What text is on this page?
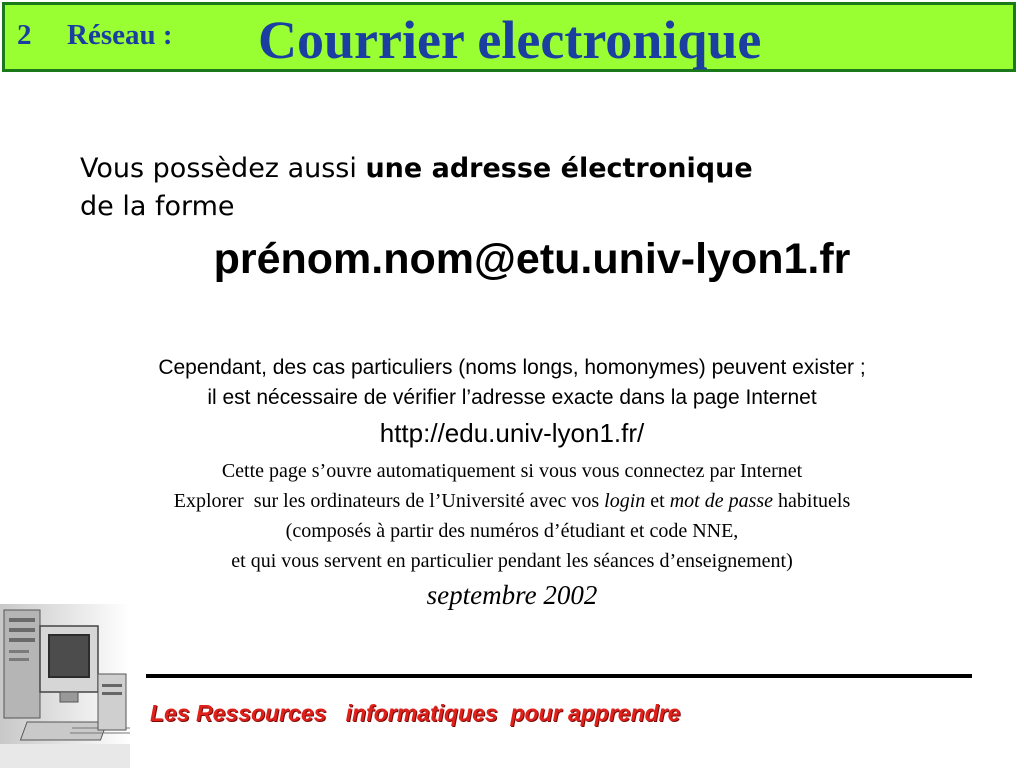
2 Réseau : Courrier electronique
Vous possèdez aussi une adresse électronique
de la forme
prénom.nom@etu.univ-lyon1.fr
Cependant, des cas particuliers (noms longs, homonymes) peuvent exister ;
il est nécessaire de vérifier l’adresse exacte dans la page Internet
http://edu.univ-lyon1.fr/
Cette page s’ouvre automatiquement si vous vous connectez par Internet
Explorer  sur les ordinateurs de l’Université avec vos login et mot de passe habituels
(composés à partir des numéros d’étudiant et code NNE,
et qui vous servent en particulier pendant les séances d’enseignement)
septembre 2002
Les Ressources   informatiques  pour apprendre
